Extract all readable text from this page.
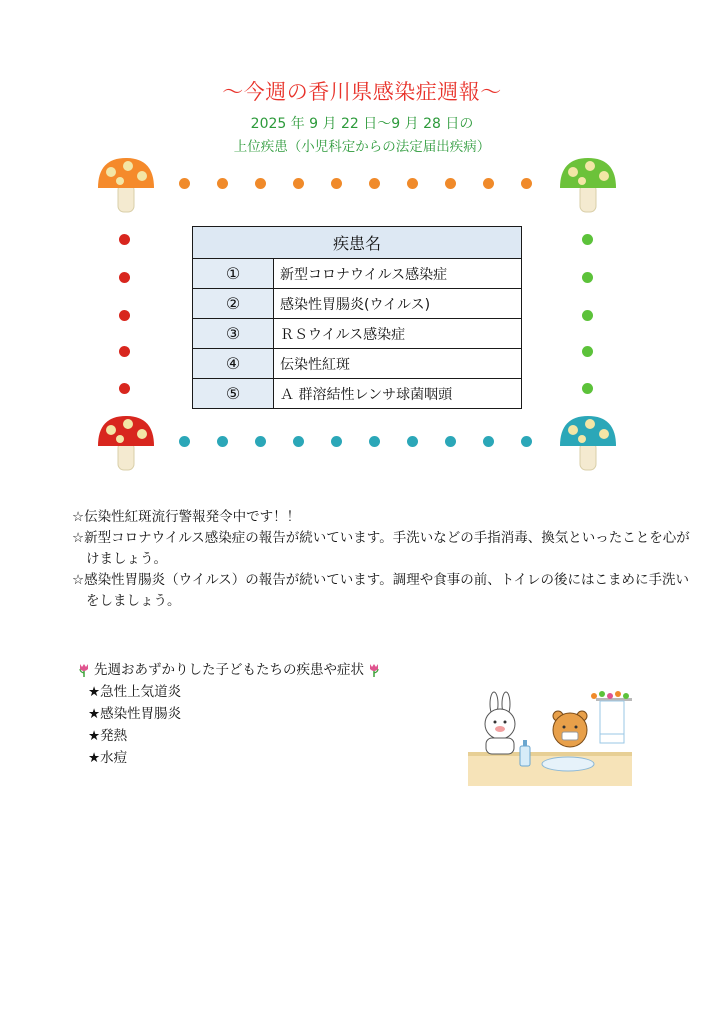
～今週の香川県感染症週報～
2025 年 9 月 22 日～9 月 28 日の
上位疾患（小児科定からの法定届出疾病）
疾患名	
①	新型コロナウイルス感染症
②	感染性胃腸炎(ウイルス)
③	ＲＳウイルス感染症
④	伝染性紅斑
⑤	Ａ 群溶結性レンサ球菌咽頭

☆伝染性紅斑流行警報発令中です！！

☆新型コロナウイルス感染症の報告が続いています。手洗いなどの手指消毒、換気といったことを心がけましょう。

☆感染性胃腸炎（ウイルス）の報告が続いています。調理や食事の前、トイレの後にはこまめに手洗いをしましょう。

先週おあずかりした子どもたちの疾患や症状
★急性上気道炎
★感染性胃腸炎
★発熱
★水痘
